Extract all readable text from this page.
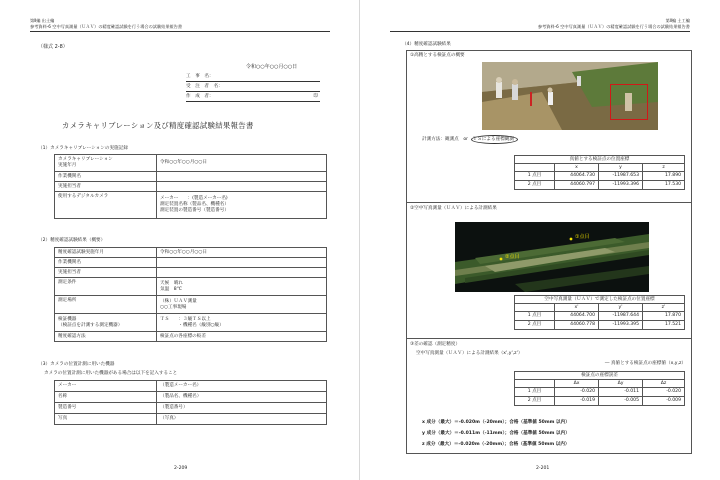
第Ⅱ編 出土編
参考資料-6 空中写真測量（ＵＡＶ）の精度確認試験を行う場合の試験結果報告書
（様式 2-8）
令和○○年○○月○○日
工　事　名：
受　注　者　名：
作　成　者：	印
カメラキャリブレーション及び精度確認試験結果報告書
（1）カメラキャリブレーションの実施記録
カメラキャリブレーション
実施年月	令和○○年○○月○○日
作業機関名	
実施担当者	
使用するデジタルカメラ	メーカー　　：(製造メーカー名)
測定装置名称（製品名、機種名）
測定装置の製造番号（製造番号）
（2）精度確認試験結果（概要）
精度確認試験実施年月	令和○○年○○月○○日
作業機関名	
実施担当者	
測定条件	天候　晴れ
気温　8℃
測定場所	（株）ＵＡＶ測量
○○工事現場
検証機器
（検証点を計測する測定機器）	ＴＳ　　：３級ＴＳ以上
　　　　・機種名（級別○級）
精度確認方法	検証点の各座標の較差
（3）カメラの位置計測に用いた機器
カメラの位置計測に用いた機器がある場合は以下を記入すること
メーカー	（製造メーカー名）
名称	（製品名、機種名）
製造番号	（製造番号）
写真	（写真）
2-209
第Ⅱ編 土工編
参考資料-6 空中写真測量（ＵＡＶ）の精度確認試験を行う場合の試験結果報告書
（4）精度確認試験結果
①高精とする検証点の概要
計測方法：観測点　or　ＴＳによる座標観測
真値とする検証点の位置座標			
	x	y	z
1 点目	44064.730	-11987.653	17.890
2 点目	44060.797	-11993.396	17.530
②空中写真測量（ＵＡＶ）による計測結果
①点目
②点目
空中写真測量（ＵＡＶ）で測定した検証点の位置座標			
	x'	y'	z'
1 点目	44064.700	-11987.644	17.870
2 点目	44060.778	-11993.395	17.521
③差の確認（測定精度）
空中写真測量（ＵＡＶ）による計測結果（x',y',z'）
― 真値とする検証点の座標値（x,y,z）
検証点の座標誤差			
	Δx	Δy	Δz
1 点目	-0.020	-0.011	-0.020
2 点目	-0.019	-0.005	-0.009
x 成分（最大）＝-0.020m（-20mm）；合格（基準値 50mm 以内）
y 成分（最大）＝-0.011m（-11mm）；合格（基準値 50mm 以内）
z 成分（最大）＝-0.020m（-20mm）；合格（基準値 50mm 以内）
2-201
